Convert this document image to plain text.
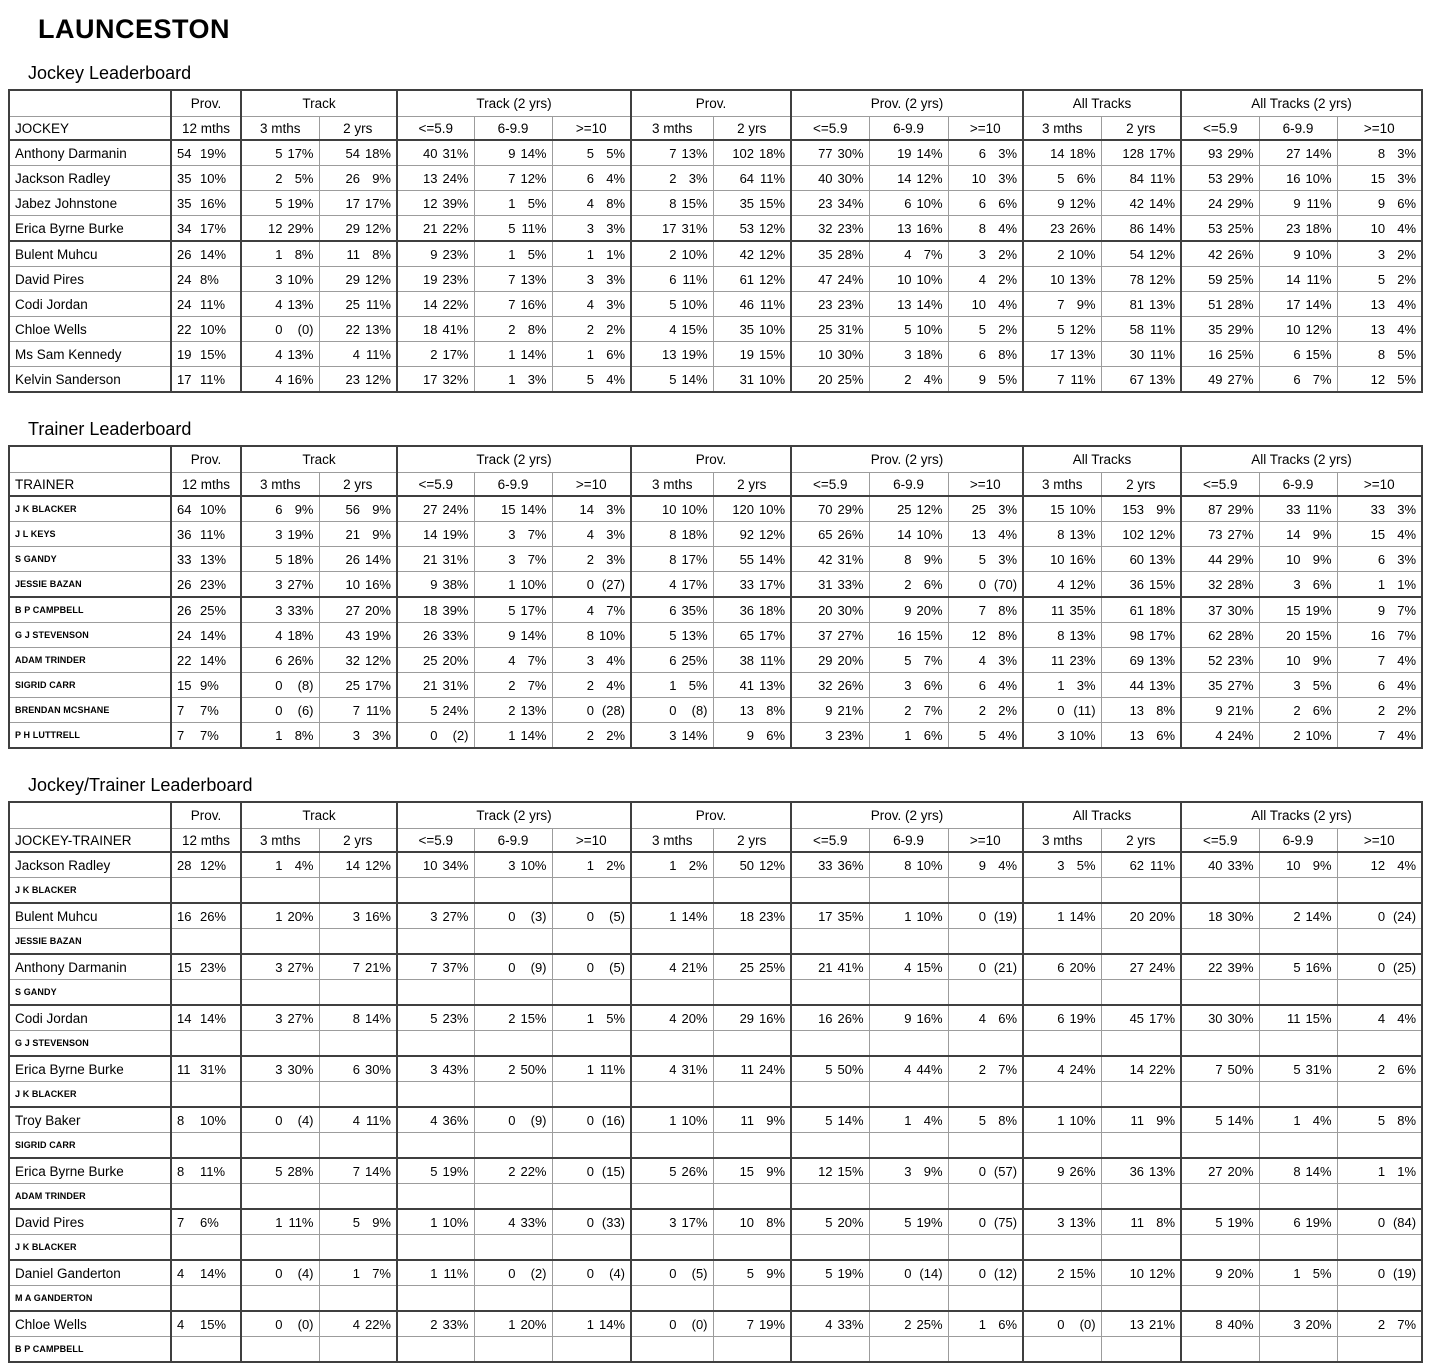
LAUNCESTON
Jockey Leaderboard
	Prov.	Track		Track (2 yrs)			Prov.		Prov. (2 yrs)			All Tracks		All Tracks (2 yrs)		
JOCKEY	12 mths	3 mths	2 yrs	<=5.9	6-9.9	>=10	3 mths	2 yrs	<=5.9	6-9.9	>=10	3 mths	2 yrs	<=5.9	6-9.9	>=10
Anthony Darmanin	54 19%	5 17%	54 18%	40 31%	9 14%	5 5%	7 13%	102 18%	77 30%	19 14%	6 3%	14 18%	128 17%	93 29%	27 14%	8 3%

Jackson Radley	35 10%	2 5%	26 9%	13 24%	7 12%	6 4%	2 3%	64 11%	40 30%	14 12%	10 3%	5 6%	84 11%	53 29%	16 10%	15 3%

Jabez Johnstone	35 16%	5 19%	17 17%	12 39%	1 5%	4 8%	8 15%	35 15%	23 34%	6 10%	6 6%	9 12%	42 14%	24 29%	9 11%	9 6%

Erica Byrne Burke	34 17%	12 29%	29 12%	21 22%	5 11%	3 3%	17 31%	53 12%	32 23%	13 16%	8 4%	23 26%	86 14%	53 25%	23 18%	10 4%

Bulent Muhcu	26 14%	1 8%	11 8%	9 23%	1 5%	1 1%	2 10%	42 12%	35 28%	4 7%	3 2%	2 10%	54 12%	42 26%	9 10%	3 2%

David Pires	24 8%	3 10%	29 12%	19 23%	7 13%	3 3%	6 11%	61 12%	47 24%	10 10%	4 2%	10 13%	78 12%	59 25%	14 11%	5 2%

Codi Jordan	24 11%	4 13%	25 11%	14 22%	7 16%	4 3%	5 10%	46 11%	23 23%	13 14%	10 4%	7 9%	81 13%	51 28%	17 14%	13 4%

Chloe Wells	22 10%	0 (0)	22 13%	18 41%	2 8%	2 2%	4 15%	35 10%	25 31%	5 10%	5 2%	5 12%	58 11%	35 29%	10 12%	13 4%

Ms Sam Kennedy	19 15%	4 13%	4 11%	2 17%	1 14%	1 6%	13 19%	19 15%	10 30%	3 18%	6 8%	17 13%	30 11%	16 25%	6 15%	8 5%

Kelvin Sanderson	17 11%	4 16%	23 12%	17 32%	1 3%	5 4%	5 14%	31 10%	20 25%	2 4%	9 5%	7 11%	67 13%	49 27%	6 7%	12 5%
Trainer Leaderboard
	Prov.	Track		Track (2 yrs)			Prov.		Prov. (2 yrs)			All Tracks		All Tracks (2 yrs)		
TRAINER	12 mths	3 mths	2 yrs	<=5.9	6-9.9	>=10	3 mths	2 yrs	<=5.9	6-9.9	>=10	3 mths	2 yrs	<=5.9	6-9.9	>=10
J K BLACKER	64 10%	6 9%	56 9%	27 24%	15 14%	14 3%	10 10%	120 10%	70 29%	25 12%	25 3%	15 10%	153 9%	87 29%	33 11%	33 3%

J L KEYS	36 11%	3 19%	21 9%	14 19%	3 7%	4 3%	8 18%	92 12%	65 26%	14 10%	13 4%	8 13%	102 12%	73 27%	14 9%	15 4%

S GANDY	33 13%	5 18%	26 14%	21 31%	3 7%	2 3%	8 17%	55 14%	42 31%	8 9%	5 3%	10 16%	60 13%	44 29%	10 9%	6 3%

JESSIE BAZAN	26 23%	3 27%	10 16%	9 38%	1 10%	0 (27)	4 17%	33 17%	31 33%	2 6%	0 (70)	4 12%	36 15%	32 28%	3 6%	1 1%

B P CAMPBELL	26 25%	3 33%	27 20%	18 39%	5 17%	4 7%	6 35%	36 18%	20 30%	9 20%	7 8%	11 35%	61 18%	37 30%	15 19%	9 7%

G J STEVENSON	24 14%	4 18%	43 19%	26 33%	9 14%	8 10%	5 13%	65 17%	37 27%	16 15%	12 8%	8 13%	98 17%	62 28%	20 15%	16 7%

ADAM TRINDER	22 14%	6 26%	32 12%	25 20%	4 7%	3 4%	6 25%	38 11%	29 20%	5 7%	4 3%	11 23%	69 13%	52 23%	10 9%	7 4%

SIGRID CARR	15 9%	0 (8)	25 17%	21 31%	2 7%	2 4%	1 5%	41 13%	32 26%	3 6%	6 4%	1 3%	44 13%	35 27%	3 5%	6 4%

BRENDAN MCSHANE	7 7%	0 (6)	7 11%	5 24%	2 13%	0 (28)	0 (8)	13 8%	9 21%	2 7%	2 2%	0 (11)	13 8%	9 21%	2 6%	2 2%

P H LUTTRELL	7 7%	1 8%	3 3%	0 (2)	1 14%	2 2%	3 14%	9 6%	3 23%	1 6%	5 4%	3 10%	13 6%	4 24%	2 10%	7 4%
Jockey/Trainer Leaderboard
	Prov.	Track		Track (2 yrs)			Prov.		Prov. (2 yrs)			All Tracks		All Tracks (2 yrs)		
JOCKEY-TRAINER	12 mths	3 mths	2 yrs	<=5.9	6-9.9	>=10	3 mths	2 yrs	<=5.9	6-9.9	>=10	3 mths	2 yrs	<=5.9	6-9.9	>=10
Jackson Radley	28 12%	1 4%	14 12%	10 34%	3 10%	1 2%	1 2%	50 12%	33 36%	8 10%	9 4%	3 5%	62 11%	40 33%	10 9%	12 4%

J K BLACKER																
Bulent Muhcu	16 26%	1 20%	3 16%	3 27%	0 (3)	0 (5)	1 14%	18 23%	17 35%	1 10%	0 (19)	1 14%	20 20%	18 30%	2 14%	0 (24)

JESSIE BAZAN																
Anthony Darmanin	15 23%	3 27%	7 21%	7 37%	0 (9)	0 (5)	4 21%	25 25%	21 41%	4 15%	0 (21)	6 20%	27 24%	22 39%	5 16%	0 (25)

S GANDY																
Codi Jordan	14 14%	3 27%	8 14%	5 23%	2 15%	1 5%	4 20%	29 16%	16 26%	9 16%	4 6%	6 19%	45 17%	30 30%	11 15%	4 4%

G J STEVENSON																
Erica Byrne Burke	11 31%	3 30%	6 30%	3 43%	2 50%	1 11%	4 31%	11 24%	5 50%	4 44%	2 7%	4 24%	14 22%	7 50%	5 31%	2 6%

J K BLACKER																
Troy Baker	8 10%	0 (4)	4 11%	4 36%	0 (9)	0 (16)	1 10%	11 9%	5 14%	1 4%	5 8%	1 10%	11 9%	5 14%	1 4%	5 8%

SIGRID CARR																
Erica Byrne Burke	8 11%	5 28%	7 14%	5 19%	2 22%	0 (15)	5 26%	15 9%	12 15%	3 9%	0 (57)	9 26%	36 13%	27 20%	8 14%	1 1%

ADAM TRINDER																
David Pires	7 6%	1 11%	5 9%	1 10%	4 33%	0 (33)	3 17%	10 8%	5 20%	5 19%	0 (75)	3 13%	11 8%	5 19%	6 19%	0 (84)

J K BLACKER																
Daniel Ganderton	4 14%	0 (4)	1 7%	1 11%	0 (2)	0 (4)	0 (5)	5 9%	5 19%	0 (14)	0 (12)	2 15%	10 12%	9 20%	1 5%	0 (19)

M A GANDERTON																
Chloe Wells	4 15%	0 (0)	4 22%	2 33%	1 20%	1 14%	0 (0)	7 19%	4 33%	2 25%	1 6%	0 (0)	13 21%	8 40%	3 20%	2 7%

B P CAMPBELL																
